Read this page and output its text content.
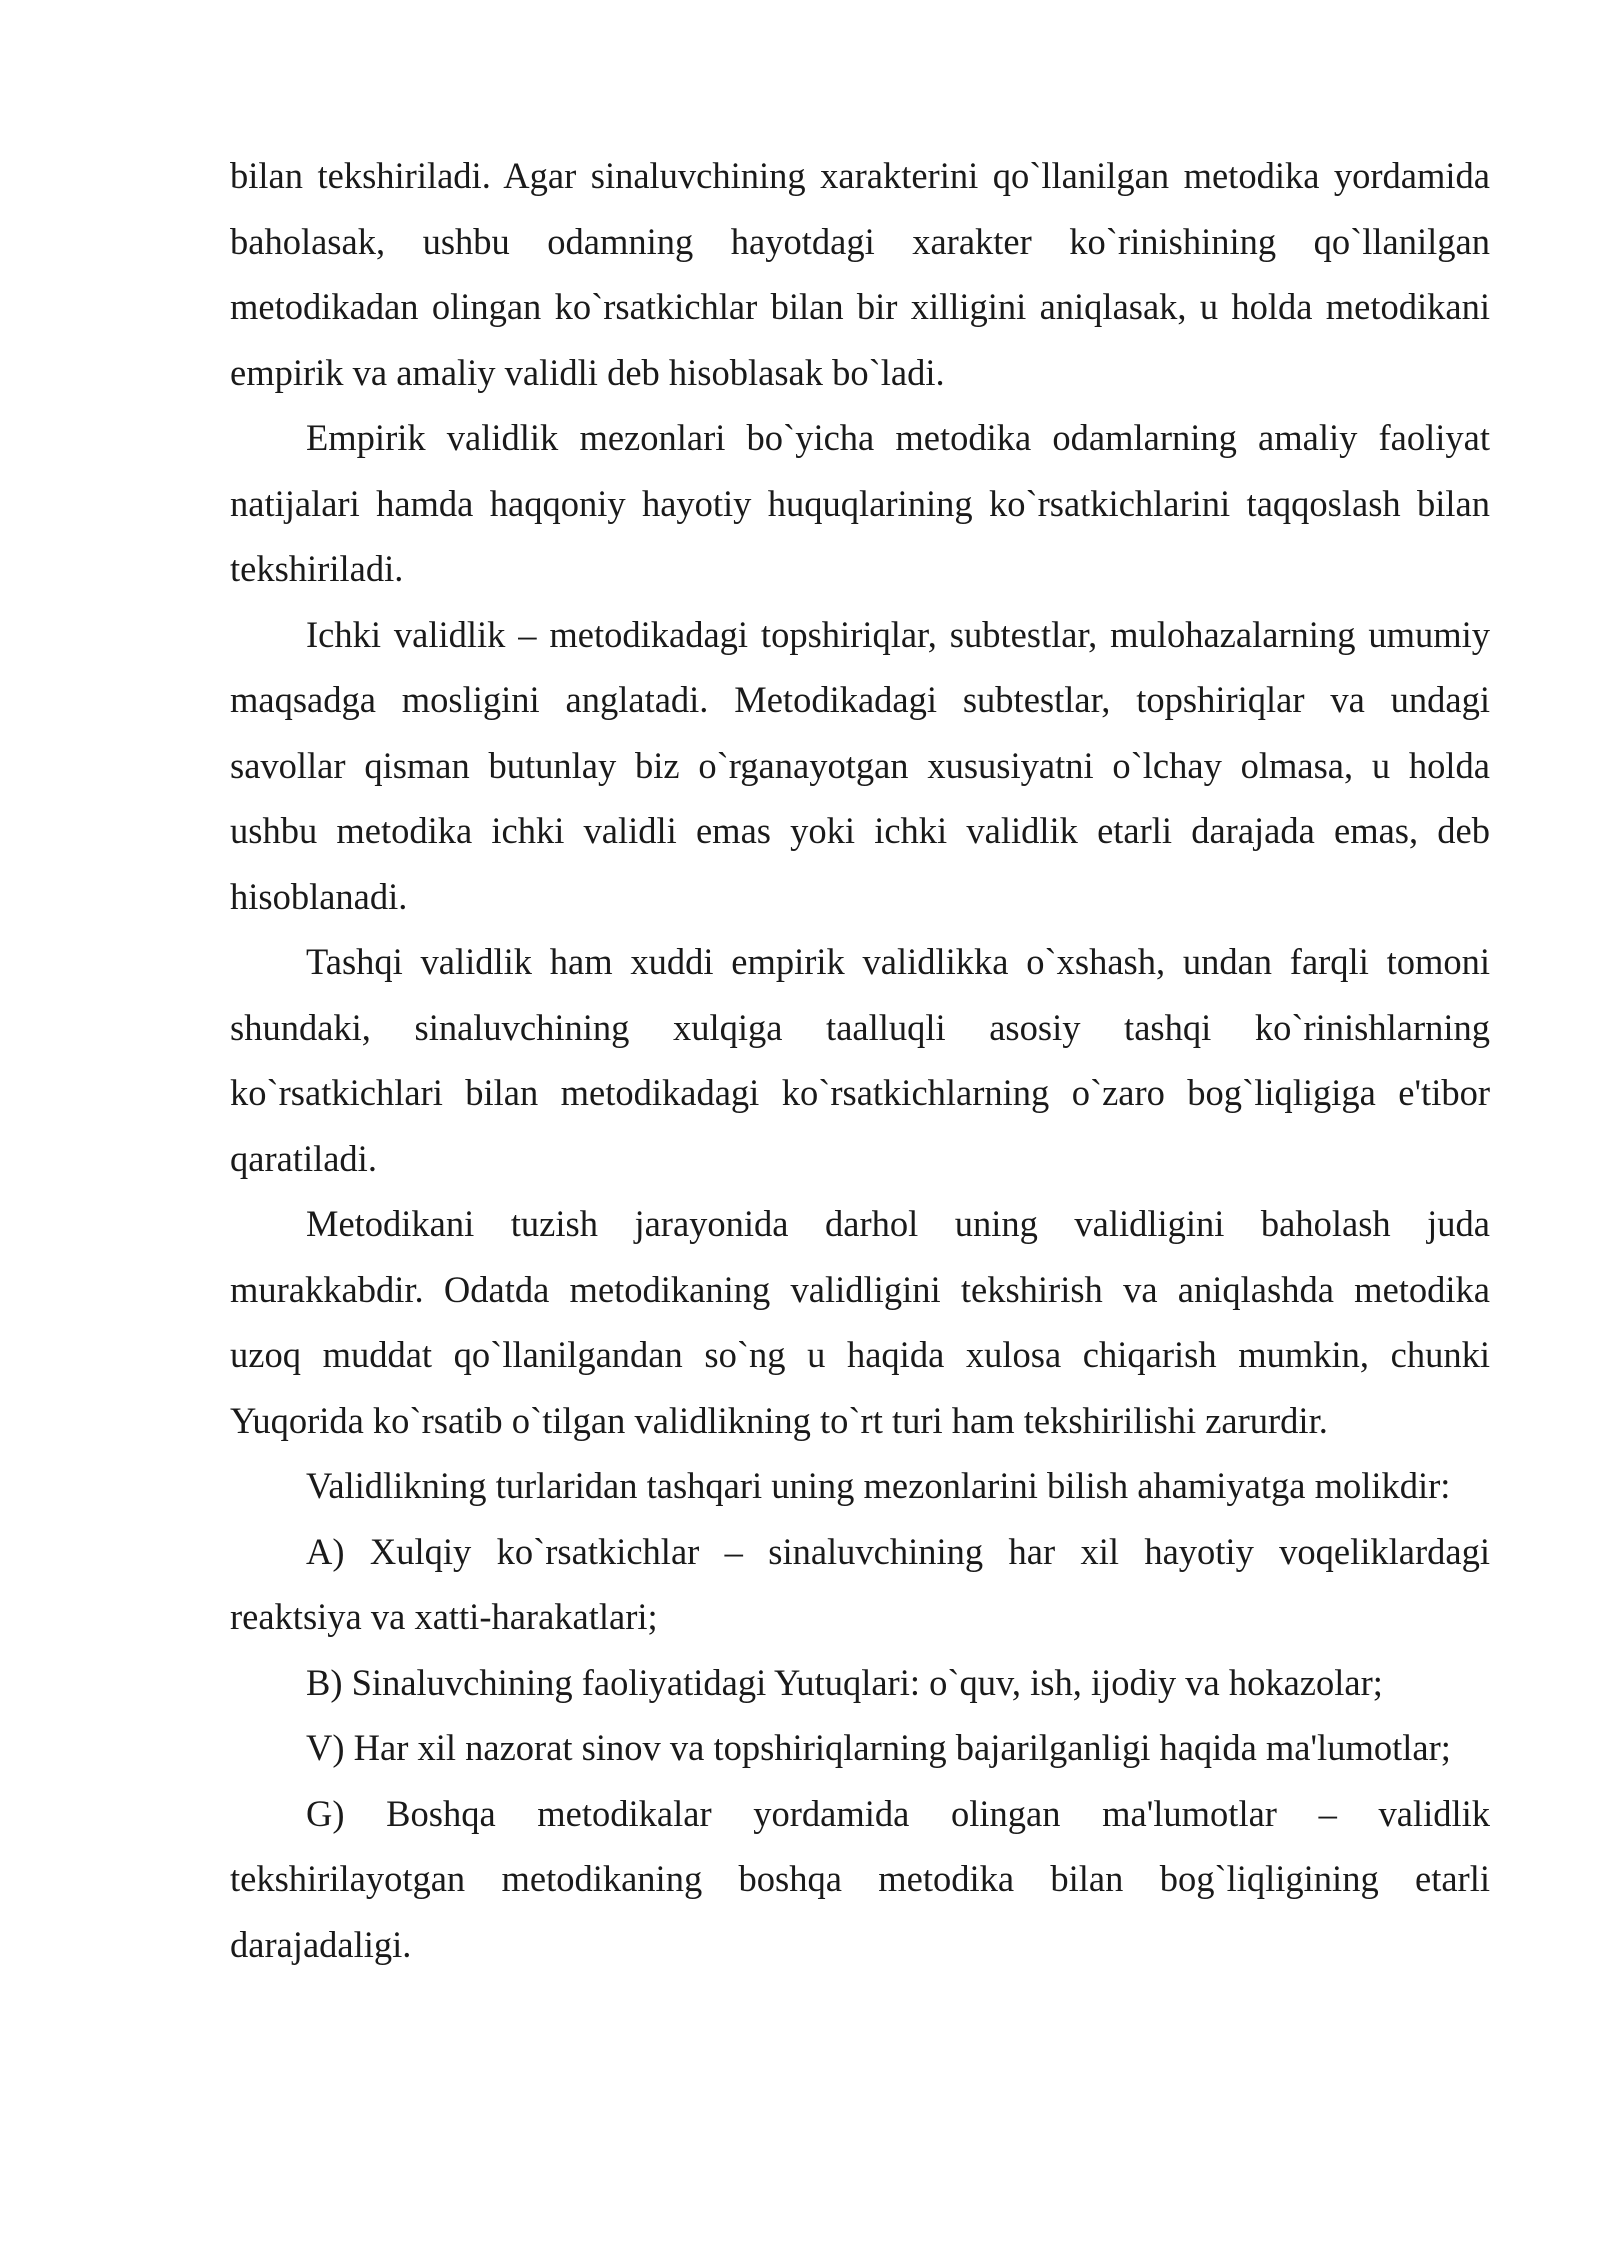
bilan tekshiriladi. Agar sinaluvchining xarakterini qo`llanilgan metodika yordamida baholasak, ushbu odamning hayotdagi xarakter ko`rinishining qo`llanilgan metodikadan olingan ko`rsatkichlar bilan bir xilligini aniqlasak, u holda metodikani empirik va amaliy validli deb hisoblasak bo`ladi.

Empirik validlik mezonlari bo`yicha metodika odamlarning amaliy faoliyat natijalari hamda haqqoniy hayotiy huquqlarining ko`rsatkichlarini taqqoslash bilan tekshiriladi.

Ichki validlik – metodikadagi topshiriqlar, subtestlar, mulohazalarning umumiy maqsadga mosligini anglatadi. Metodikadagi subtestlar, topshiriqlar va undagi savollar qisman butunlay biz o`rganayotgan xususiyatni o`lchay olmasa, u holda ushbu metodika ichki validli emas yoki ichki validlik etarli darajada emas, deb hisoblanadi.

Tashqi validlik ham xuddi empirik validlikka o`xshash, undan farqli tomoni shundaki, sinaluvchining xulqiga taalluqli asosiy tashqi ko`rinishlarning ko`rsatkichlari bilan metodikadagi ko`rsatkichlarning o`zaro bog`liqligiga e'tibor qaratiladi.

Metodikani tuzish jarayonida darhol uning validligini baholash juda murakkabdir. Odatda metodikaning validligini tekshirish va aniqlashda metodika uzoq muddat qo`llanilgandan so`ng u haqida xulosa chiqarish mumkin, chunki Yuqorida ko`rsatib o`tilgan validlikning to`rt turi ham tekshirilishi zarurdir.

Validlikning turlaridan tashqari uning mezonlarini bilish ahamiyatga molikdir:

A) Xulqiy ko`rsatkichlar – sinaluvchining har xil hayotiy voqeliklardagi reaktsiya va xatti-harakatlari;

B) Sinaluvchining faoliyatidagi Yutuqlari: o`quv, ish, ijodiy va hokazolar;

V) Har xil nazorat sinov va topshiriqlarning bajarilganligi haqida ma'lumotlar;

G) Boshqa metodikalar yordamida olingan ma'lumotlar – validlik tekshirilayotgan metodikaning boshqa metodika bilan bog`liqligining etarli darajadaligi.
